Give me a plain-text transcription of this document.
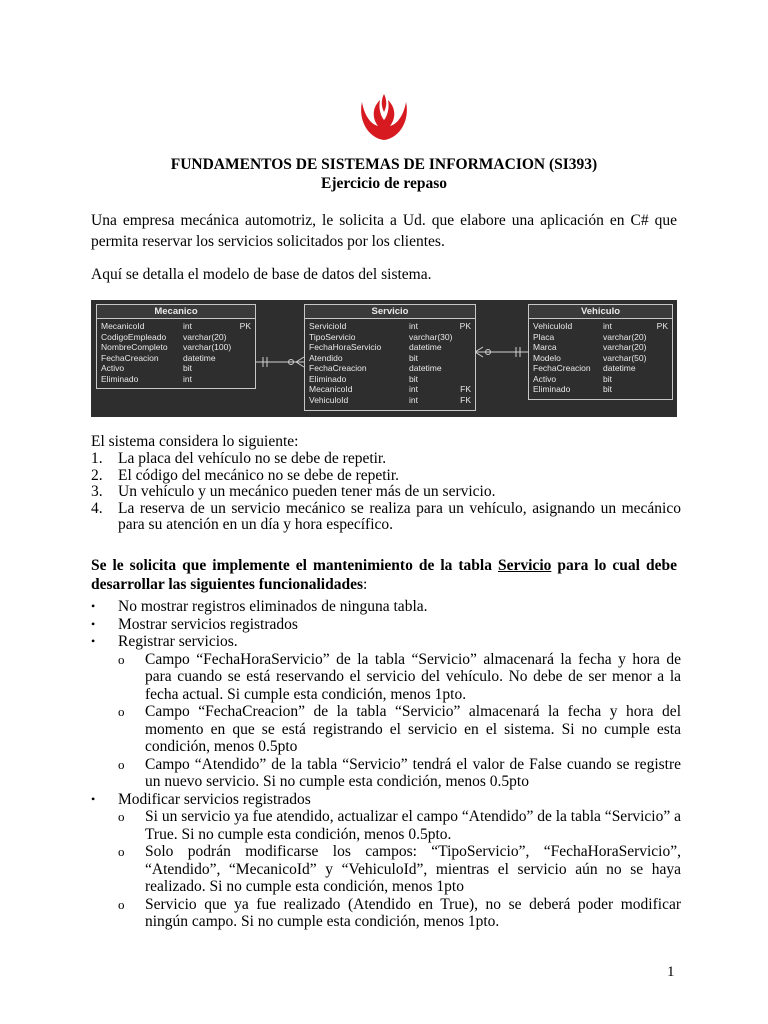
FUNDAMENTOS DE SISTEMAS DE INFORMACION (SI393)
Ejercicio de repaso
Una empresa mecánica automotriz, le solicita a Ud. que elabore una aplicación en C# que permita reservar los servicios solicitados por los clientes.
Aquí se detalla el modelo de base de datos del sistema.
Mecanico
MecanicoId	int	PK
CodigoEmpleado varchar(20)
NombreCompleto varchar(100)
FechaCreacion	datetime
Activo	bit
Eliminado	int
Servicio
ServicioId	int	PK
TipoServicio	varchar(30)
FechaHoraServicio	datetime
Atendido	bit
FechaCreacion	datetime
Eliminado	bit
MecanicoId	int	FK
VehiculoId	int	FK
Vehiculo
VehiculoId	int	PK
Placa	varchar(20)
Marca	varchar(20)
Modelo	varchar(50)
FechaCreacion datetime
Activo	bit
Eliminado	bit
El sistema considera lo siguiente:
1. La placa del vehículo no se debe de repetir.
2. El código del mecánico no se debe de repetir.
3. Un vehículo y un mecánico pueden tener más de un servicio.
4. La reserva de un servicio mecánico se realiza para un vehículo, asignando un mecánico para su atención en un día y hora específico.
Se le solicita que implemente el mantenimiento de la tabla Servicio para lo cual debe desarrollar las siguientes funcionalidades:
• No mostrar registros eliminados de ninguna tabla.
• Mostrar servicios registrados
• Registrar servicios.
o Campo “FechaHoraServicio” de la tabla “Servicio” almacenará la fecha y hora de para cuando se está reservando el servicio del vehículo. No debe de ser menor a la fecha actual. Si cumple esta condición, menos 1pto.
o Campo “FechaCreacion” de la tabla “Servicio” almacenará la fecha y hora del momento en que se está registrando el servicio en el sistema. Si no cumple esta condición, menos 0.5pto
o Campo “Atendido” de la tabla “Servicio” tendrá el valor de False cuando se registre un nuevo servicio. Si no cumple esta condición, menos 0.5pto
• Modificar servicios registrados
o Si un servicio ya fue atendido, actualizar el campo “Atendido” de la tabla “Servicio” a True. Si no cumple esta condición, menos 0.5pto.
o Solo podrán modificarse los campos: “TipoServicio”, “FechaHoraServicio”, “Atendido”, “MecanicoId” y “VehiculoId”, mientras el servicio aún no se haya realizado. Si no cumple esta condición, menos 1pto
o Servicio que ya fue realizado (Atendido en True), no se deberá poder modificar ningún campo. Si no cumple esta condición, menos 1pto.
1
